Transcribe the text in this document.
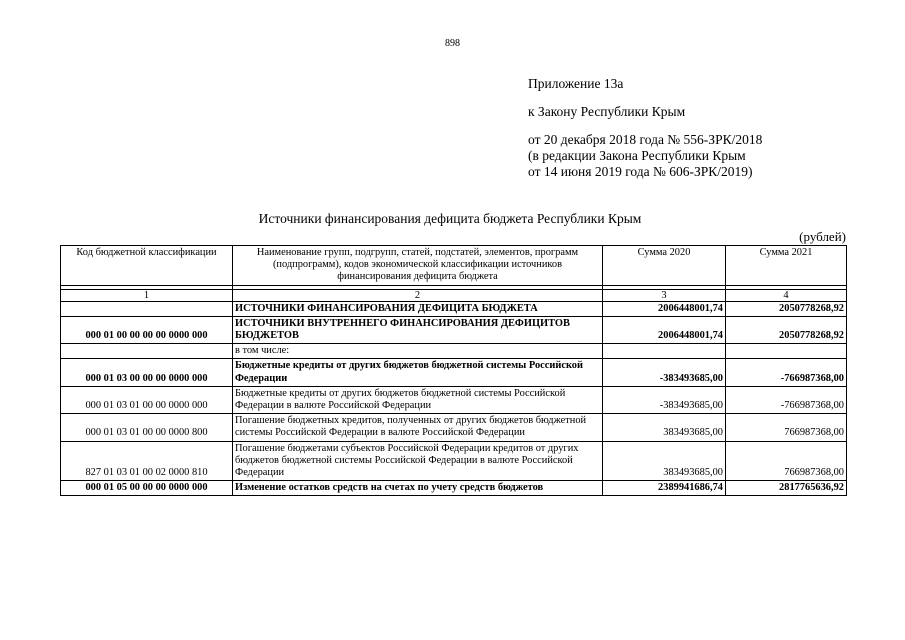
898
Приложение 13а
к Закону Республики Крым
от 20 декабря 2018 года № 556-ЗРК/2018
(в редакции Закона Республики Крым
от 14 июня 2019 года № 606-ЗРК/2019)
Источники финансирования дефицита бюджета Республики Крым
(рублей)
Код бюджетной классификации	Наименование групп, подгрупп, статей, подстатей, элементов, программ (подпрограмм), кодов экономической классификации источников финансирования дефицита бюджета	Сумма 2020	Сумма 2021

1	2	3	4
	ИСТОЧНИКИ ФИНАНСИРОВАНИЯ ДЕФИЦИТА БЮДЖЕТА	2006448001,74	2050778268,92
000 01 00 00 00 00 0000 000	ИСТОЧНИКИ ВНУТРЕННЕГО ФИНАНСИРОВАНИЯ ДЕФИЦИТОВ БЮДЖЕТОВ	2006448001,74	2050778268,92
	в том числе:		
000 01 03 00 00 00 0000 000	Бюджетные кредиты от других бюджетов бюджетной системы Российской Федерации	-383493685,00	-766987368,00
000 01 03 01 00 00 0000 000	Бюджетные кредиты от других бюджетов бюджетной системы Российской Федерации в валюте Российской Федерации	-383493685,00	-766987368,00
000 01 03 01 00 00 0000 800	Погашение бюджетных кредитов, полученных от других бюджетов бюджетной системы Российской Федерации в валюте Российской Федерации	383493685,00	766987368,00
827 01 03 01 00 02 0000 810	Погашение бюджетами субъектов Российской Федерации кредитов от других бюджетов бюджетной системы Российской Федерации в валюте Российской Федерации	383493685,00	766987368,00
000 01 05 00 00 00 0000 000	Изменение остатков средств на счетах по учету средств бюджетов	2389941686,74	2817765636,92
